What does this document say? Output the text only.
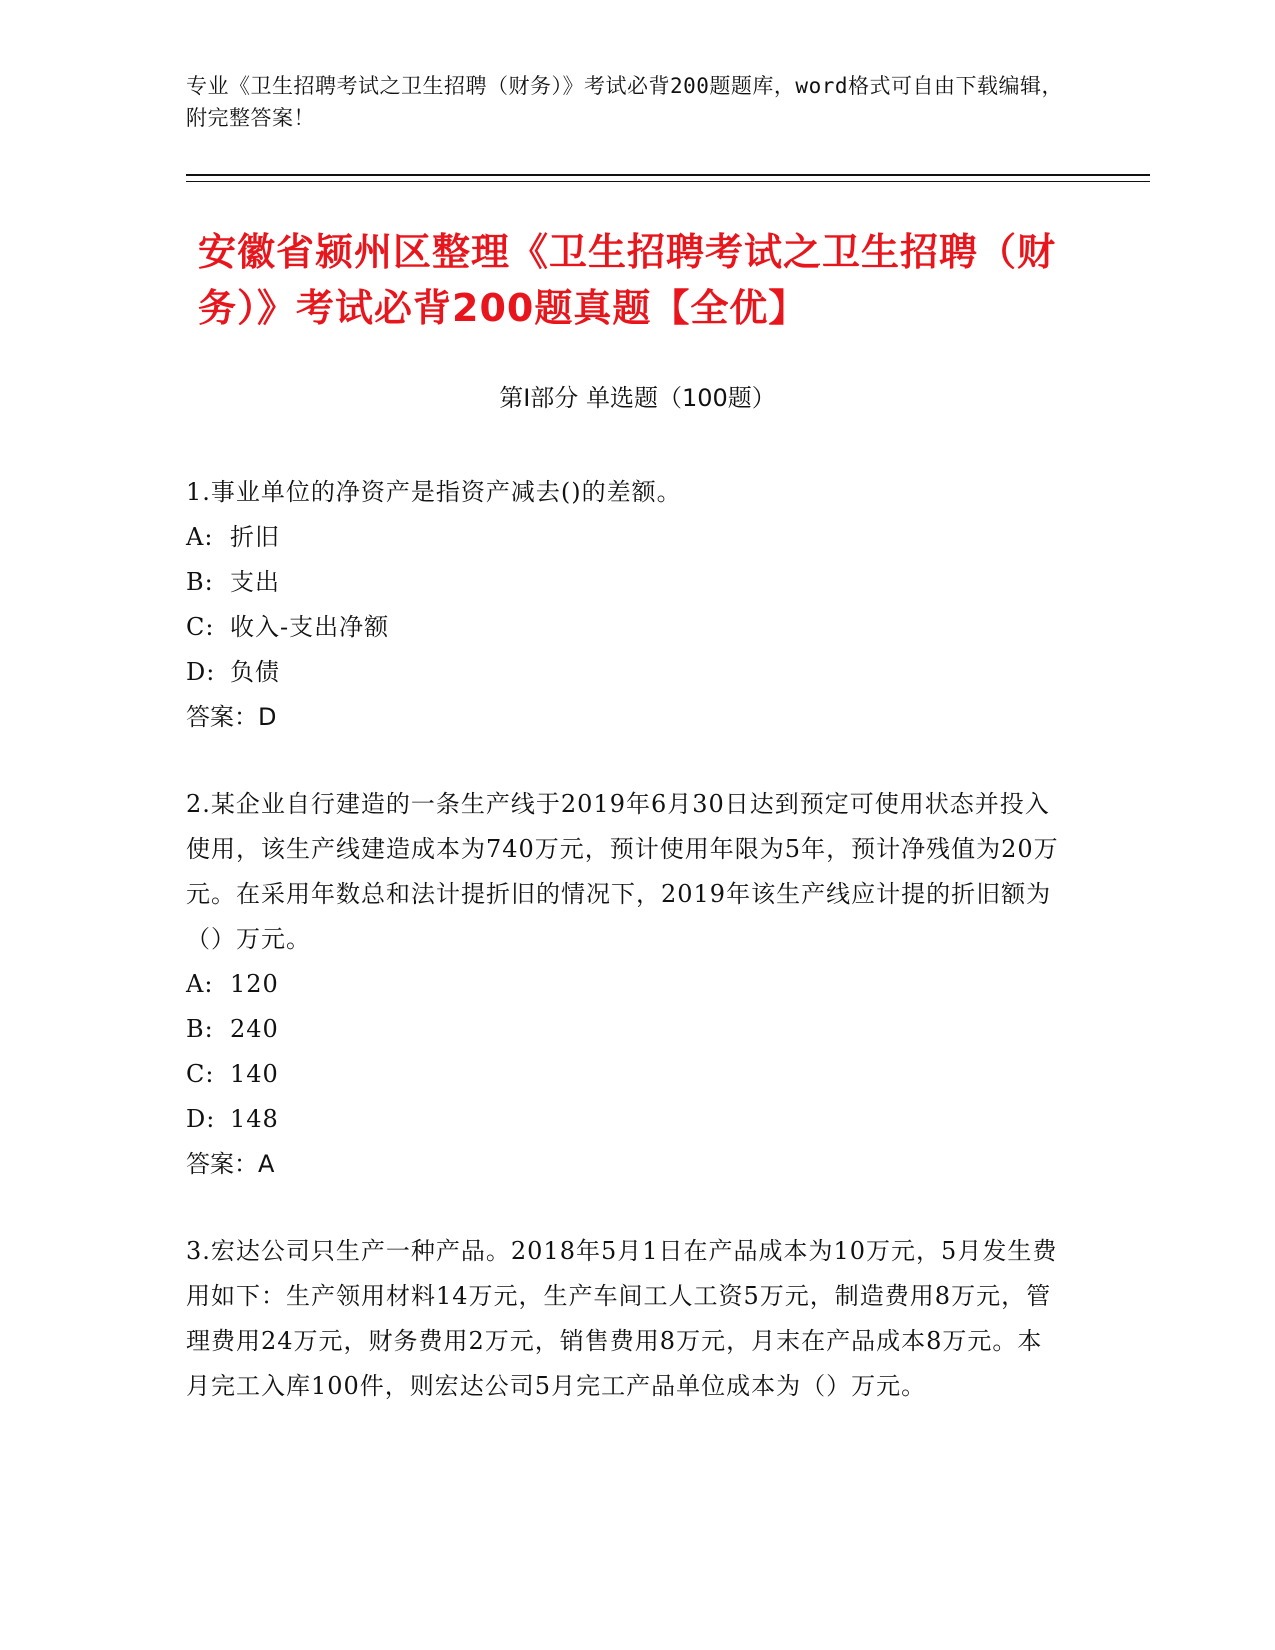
专业《卫生招聘考试之卫生招聘（财务）》考试必背200题题库，word格式可自由下载编辑，附完整答案！
安徽省颍州区整理《卫生招聘考试之卫生招聘（财务）》考试必背200题真题【全优】
第Ⅰ部分 单选题（100题）
1.事业单位的净资产是指资产减去()的差额。
A: 折旧
B: 支出
C: 收入-支出净额
D: 负债
答案：D
2.某企业自行建造的一条生产线于2019年6月30日达到预定可使用状态并投入使用，该生产线建造成本为740万元，预计使用年限为5年，预计净残值为20万元。在采用年数总和法计提折旧的情况下，2019年该生产线应计提的折旧额为（）万元。
A: 120
B: 240
C: 140
D: 148
答案：A
3.宏达公司只生产一种产品。2018年5月1日在产品成本为10万元，5月发生费用如下：生产领用材料14万元，生产车间工人工资5万元，制造费用8万元，管理费用24万元，财务费用2万元，销售费用8万元，月末在产品成本8万元。本月完工入库100件，则宏达公司5月完工产品单位成本为（）万元。
